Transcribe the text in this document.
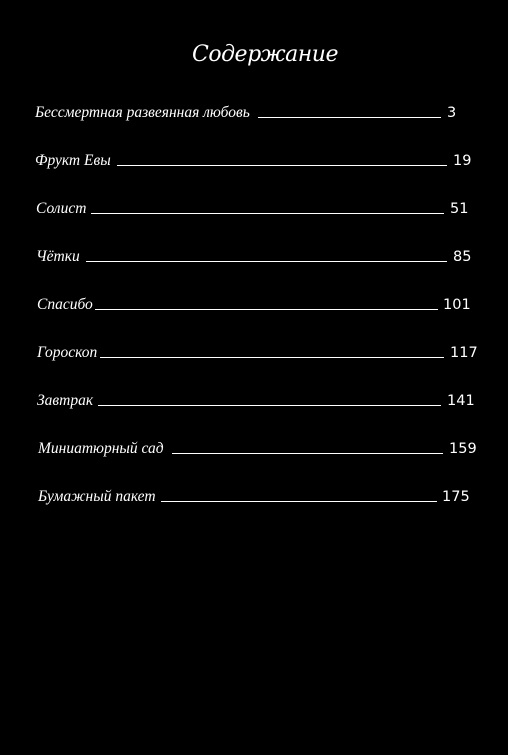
Содержание
Бессмертная развеянная любовь	3
Фрукт Евы	19
Солист	51
Чётки	85
Спасибо	101
Гороскоп	117
Завтрак	141
Миниатюрный сад	159
Бумажный пакет	175
